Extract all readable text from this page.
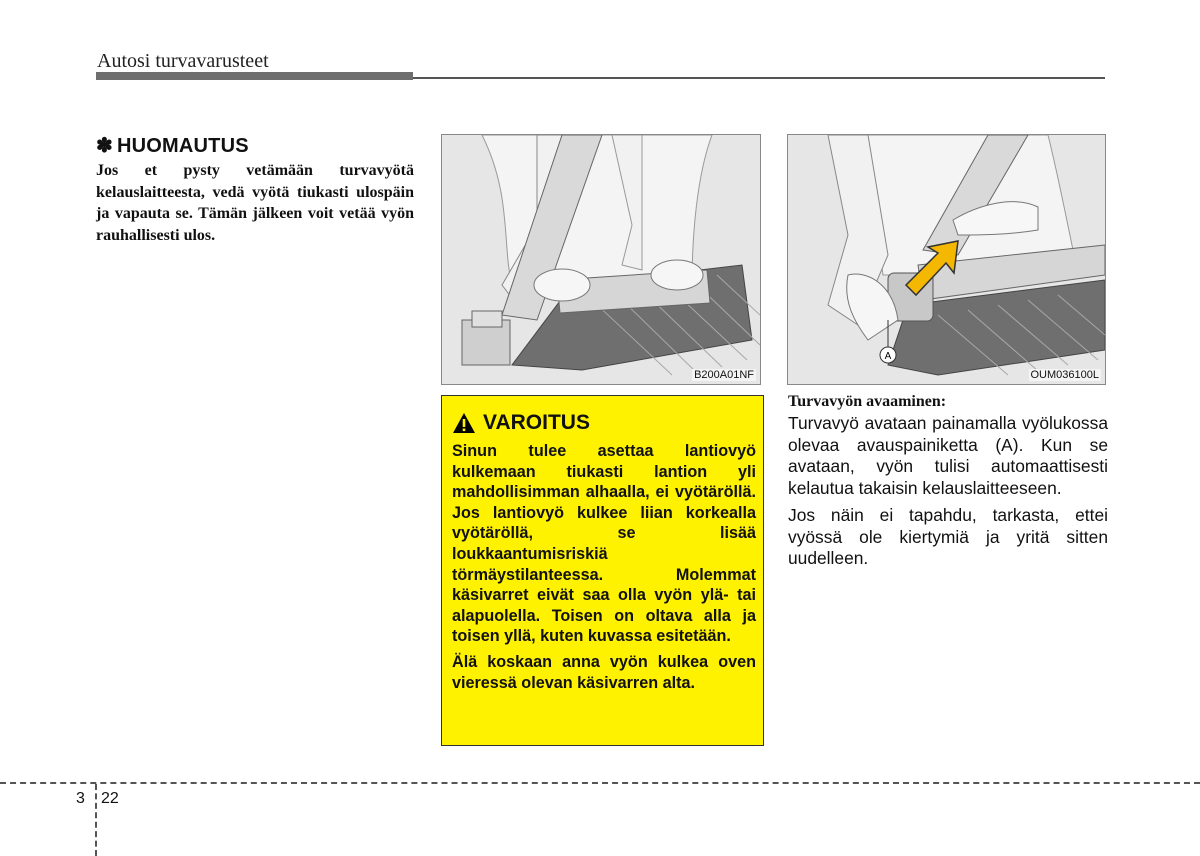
Autosi turvavarusteet
✽ HUOMAUTUS
Jos et pysty vetämään turvavyötä kelauslaitteesta, vedä vyötä tiukasti ulospäin ja vapauta se. Tämän jälkeen voit vetää vyön rauhallisesti ulos.
B200A01NF
A
OUM036100L
VAROITUS

Sinun tulee asettaa lantiovyö kulkemaan tiukasti lantion yli mahdollisimman alhaalla, ei vyötäröllä. Jos lantiovyö kulkee liian korkealla vyötäröllä, se lisää loukkaantumisriskiä törmäystilanteessa. Molemmat käsivarret eivät saa olla vyön ylä- tai alapuolella. Toisen on oltava alla ja toisen yllä, kuten kuvassa esitetään.

Älä koskaan anna vyön kulkea oven vieressä olevan käsivarren alta.

Turvavyön avaaminen:

Turvavyö avataan painamalla vyölukossa olevaa avauspainiketta (A). Kun se avataan, vyön tulisi automaattisesti kelautua takaisin kelauslaitteeseen.

Jos näin ei tapahdu, tarkasta, ettei vyössä ole kiertymiä ja yritä sitten uudelleen.

3 22
